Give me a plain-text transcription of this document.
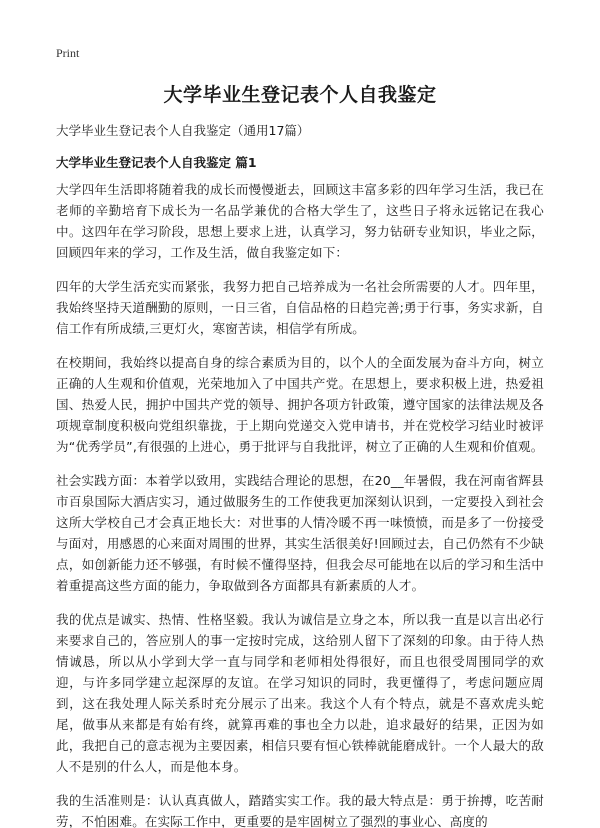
Print
大学毕业生登记表个人自我鉴定

大学毕业生登记表个人自我鉴定（通用17篇）

大学毕业生登记表个人自我鉴定 篇1

大学四年生活即将随着我的成长而慢慢逝去，回顾这丰富多彩的四年学习生活，我已在老师的辛勤培育下成长为一名品学兼优的合格大学生了，这些日子将永远铭记在我心中。这四年在学习阶段，思想上要求上进，认真学习，努力钻研专业知识，毕业之际，回顾四年来的学习，工作及生活，做自我鉴定如下：

四年的大学生活充实而紧张，我努力把自己培养成为一名社会所需要的人才。四年里，我始终坚持天道酬勤的原则，一日三省，自信品格的日趋完善;勇于行事，务实求新，自信工作有所成绩,三更灯火，寒窗苦读，相信学有所成。

在校期间，我始终以提高自身的综合素质为目的，以个人的全面发展为奋斗方向，树立正确的人生观和价值观，光荣地加入了中国共产党。在思想上，要求积极上进，热爱祖国、热爱人民，拥护中国共产党的领导、拥护各项方针政策，遵守国家的法律法规及各项规章制度积极向党组织靠拢，于上期向党递交入党申请书，并在党校学习结业时被评为“优秀学员”,有很强的上进心，勇于批评与自我批评，树立了正确的人生观和价值观。

社会实践方面：本着学以致用，实践结合理论的思想，在20__年暑假，我在河南省辉县市百泉国际大酒店实习，通过做服务生的工作使我更加深刻认识到，一定要投入到社会这所大学校自己才会真正地长大：对世事的人情冷暖不再一味愤愤，而是多了一份接受与面对，用感恩的心来面对周围的世界，其实生活很美好!回顾过去，自己仍然有不少缺点，如创新能力还不够强，有时候不懂得坚持，但我会尽可能地在以后的学习和生活中着重提高这些方面的能力，争取做到各方面都具有新素质的人才。

我的优点是诚实、热情、性格坚毅。我认为诚信是立身之本，所以我一直是以言出必行来要求自己的，答应别人的事一定按时完成，这给别人留下了深刻的印象。由于待人热情诚恳，所以从小学到大学一直与同学和老师相处得很好，而且也很受周围同学的欢迎，与许多同学建立起深厚的友谊。在学习知识的同时，我更懂得了，考虑问题应周到，这在我处理人际关系时充分展示了出来。我这个人有个特点，就是不喜欢虎头蛇尾，做事从来都是有始有终，就算再难的事也全力以赴，追求最好的结果，正因为如此，我把自己的意志视为主要因素，相信只要有恒心铁棒就能磨成针。一个人最大的敌人不是别的什么人，而是他本身。

我的生活准则是：认认真真做人，踏踏实实工作。我的最大特点是：勇于拚搏，吃苦耐劳，不怕困难。在实际工作中，更重要的是牢固树立了强烈的事业心、高度的
